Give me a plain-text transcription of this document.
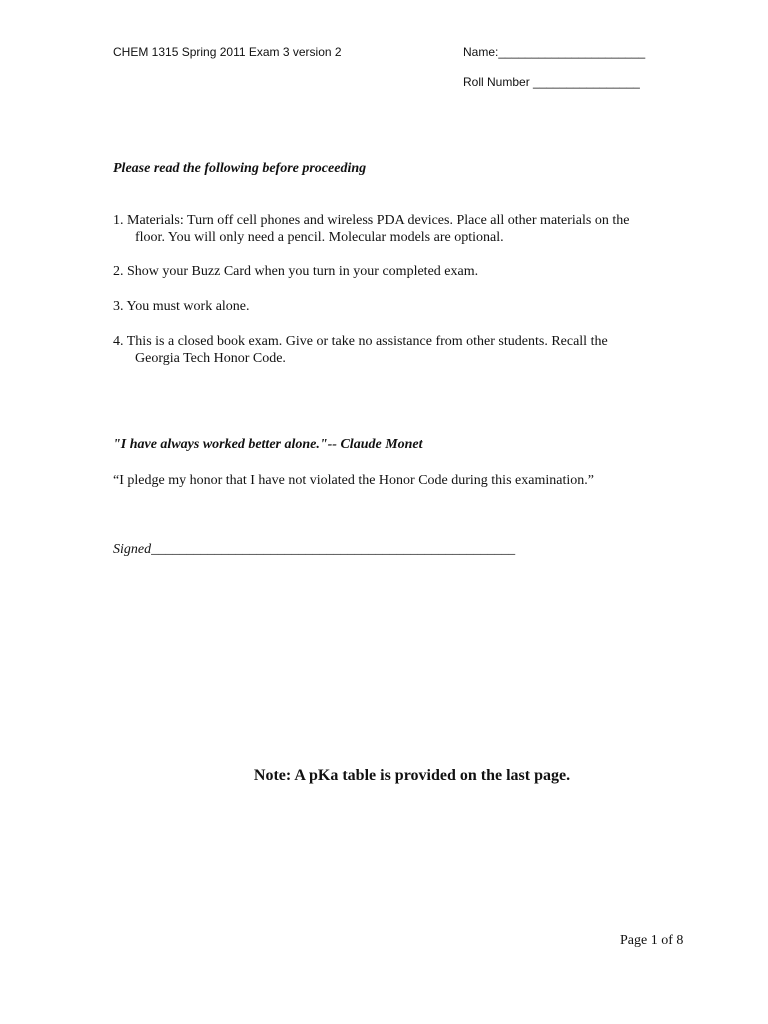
CHEM 1315 Spring 2011 Exam 3 version 2	Name:______________________
Roll Number ________________
Please read the following before proceeding
1. Materials: Turn off cell phones and wireless PDA devices. Place all other materials on the
floor. You will only need a pencil. Molecular models are optional.
2. Show your Buzz Card when you turn in your completed exam.
3. You must work alone.
4. This is a closed book exam. Give or take no assistance from other students. Recall the
Georgia Tech Honor Code.
"I have always worked better alone."-- Claude Monet
“I pledge my honor that I have not violated the Honor Code during this examination.”
Signed____________________________________________________
Note: A pKa table is provided on the last page.
Page 1 of 8
